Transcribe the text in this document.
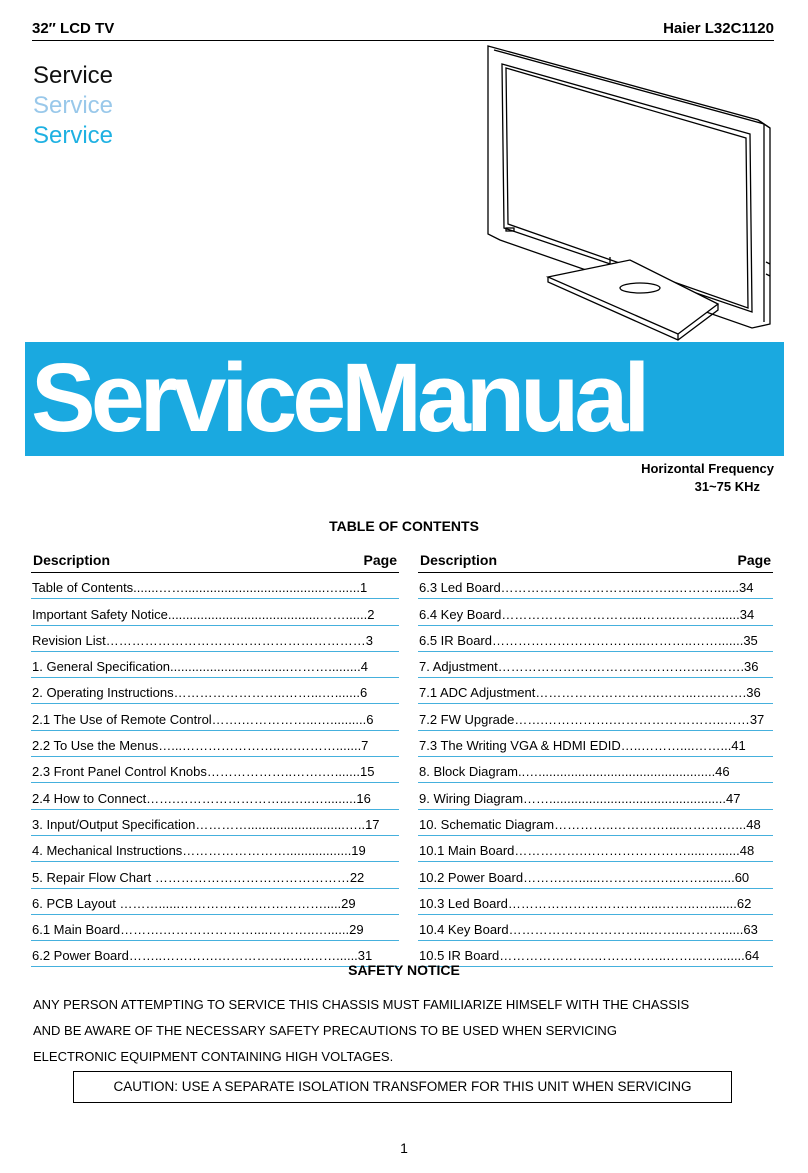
32″ LCD TV	Haier L32C1120
Service
Service
Service
ServiceManual
Horizontal Frequency
31~75 KHz
TABLE OF CONTENTS
Description	Page
Table of Contents.......…….......................................…......1
Important Safety Notice..........................................……......2
Revision List……………………………………………………3
1. General Specification.................................……….........4
2. Operating Instructions……………………..……...….......6
2.1 The Use of Remote Control…….……………...…..........6
2.2 To Use the Menus…...…………………..….……….......7
2.3 Front Panel Control Knobs………………..…….….......15
2.4 How to Connect…….……………………...…..….........16
3. Input/Output Specification…………...........................…..17
4. Mechanical Instructions……………………..................19
5. Repair Flow Chart ………………………………………22
6. PCB Layout ………......…………………………….....29
6.1 Main Board……….…………………....………..…......29
6.2 Power Board……..………….……………..…..……......31
Description	Page
6.3 Led Board…………………………...……..……….......34
6.4 Key Board…………………………...……..……….......34
6.5 IR Board……………………………...………..…….......35
7. Adjustment………………….………….……….…...…….36
7.1 ADC Adjustment………………………..……...…..…….36
7.2 FW Upgrade…….…………….……………………..……37
7.3 The Writing VGA & HDMI EDID…..………....……...41
8. Block Diagram..….................................................46
9. Wiring Diagram…….................................................47
10. Schematic Diagram…………..……….…...……….…...48
10.1 Main Board…………….…………………….....…......48
10.2 Power Board……….…......………….…..…….........60
10.3 Led Board……………………………...……..…........62
10.4 Key Board…………………………...……..………......63
10.5 IR Board………………….……………..……...…........64
SAFETY NOTICE
ANY PERSON ATTEMPTING TO SERVICE THIS CHASSIS MUST FAMILIARIZE HIMSELF WITH THE CHASSIS
AND BE AWARE OF THE NECESSARY SAFETY PRECAUTIONS TO BE USED WHEN SERVICING
ELECTRONIC EQUIPMENT CONTAINING HIGH VOLTAGES.
CAUTION: USE A SEPARATE ISOLATION TRANSFOMER FOR THIS UNIT WHEN SERVICING
1
